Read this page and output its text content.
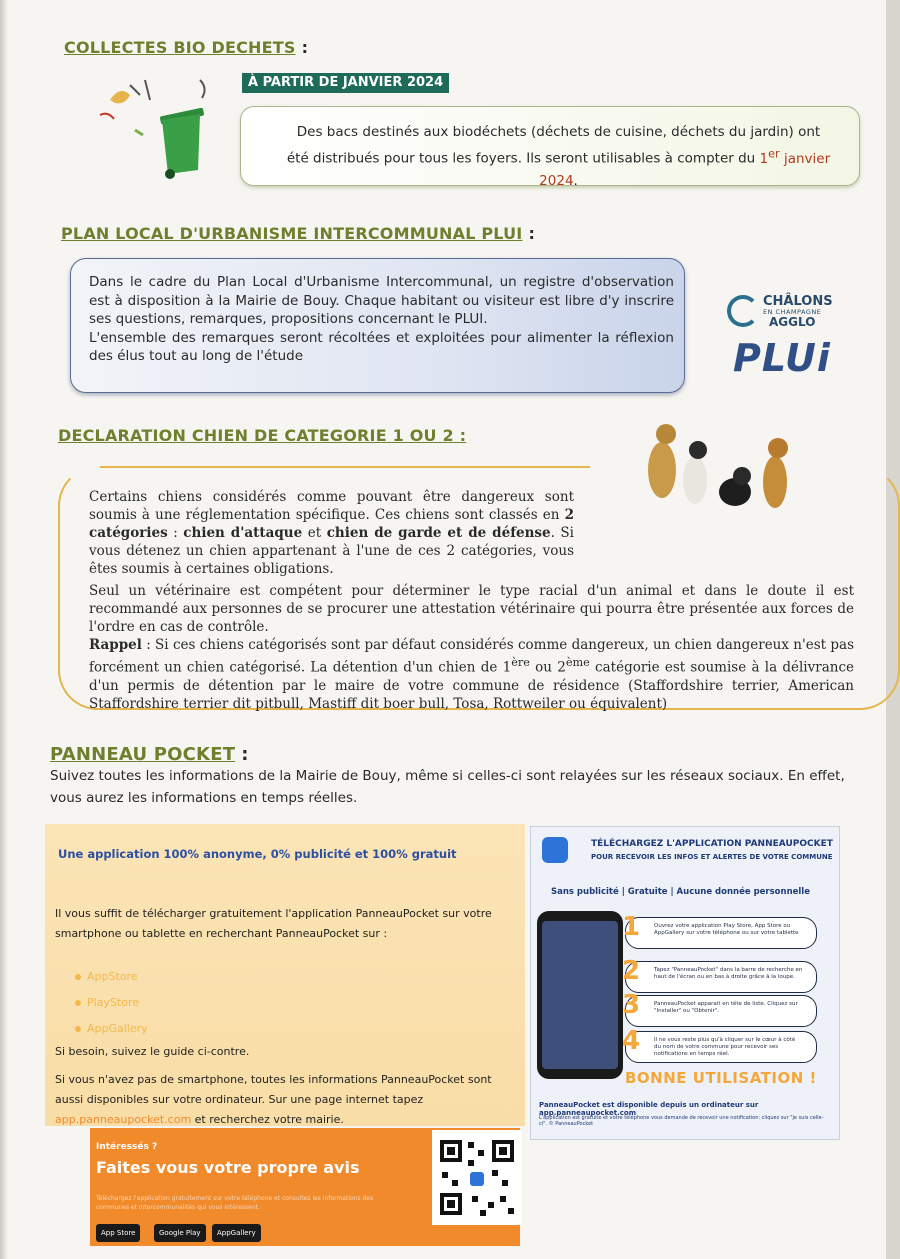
COLLECTES BIO DECHETS :
À PARTIR DE JANVIER 2024
Des bacs destinés aux biodéchets (déchets de cuisine, déchets du jardin) ont été distribués pour tous les foyers. Ils seront utilisables à compter du 1er janvier 2024.
PLAN LOCAL D'URBANISME INTERCOMMUNAL PLUI :
Dans le cadre du Plan Local d'Urbanisme Intercommunal, un registre d'observation est à disposition à la Mairie de Bouy. Chaque habitant ou visiteur est libre d'y inscrire ses questions, remarques, propositions concernant le PLUI.
L'ensemble des remarques seront récoltées et exploitées pour alimenter la réflexion des élus tout au long de l'étude
CHÂLONS
EN CHAMPAGNE
AGGLO
PLUi
DECLARATION CHIEN DE CATEGORIE 1 OU 2 :
Certains chiens considérés comme pouvant être dangereux sont soumis à une réglementation spécifique. Ces chiens sont classés en 2 catégories : chien d'attaque et chien de garde et de défense. Si vous détenez un chien appartenant à l'une de ces 2 catégories, vous êtes soumis à certaines obligations.
Seul un vétérinaire est compétent pour déterminer le type racial d'un animal et dans le doute il est recommandé aux personnes de se procurer une attestation vétérinaire qui pourra être présentée aux forces de l'ordre en cas de contrôle.
Rappel : Si ces chiens catégorisés sont par défaut considérés comme dangereux, un chien dangereux n'est pas forcément un chien catégorisé. La détention d'un chien de 1ère ou 2ème catégorie est soumise à la délivrance d'un permis de détention par le maire de votre commune de résidence (Staffordshire terrier, American Staffordshire terrier dit pitbull, Mastiff dit boer bull, Tosa, Rottweiler ou équivalent)
PANNEAU POCKET :
Suivez toutes les informations de la Mairie de Bouy, même si celles-ci sont relayées sur les réseaux sociaux. En effet, vous aurez les informations en temps réelles.
Une application 100% anonyme, 0% publicité et 100% gratuit
Il vous suffit de télécharger gratuitement l'application PanneauPocket sur votre smartphone ou tablette en recherchant PanneauPocket sur :
AppStore
PlayStore
AppGallery
Si besoin, suivez le guide ci-contre.
Si vous n'avez pas de smartphone, toutes les informations PanneauPocket sont aussi disponibles sur votre ordinateur. Sur une page internet tapez app.panneaupocket.com et recherchez votre mairie.
Intéressés ?
Faites vous votre propre avis
Téléchargez l'application gratuitement sur votre téléphone et consultez les informations des communes et intercommunalités qui vous intéressent.
App Store	Google Play	AppGallery
TÉLÉCHARGEZ L'APPLICATION PANNEAUPOCKET
POUR RECEVOIR LES INFOS ET ALERTES DE VOTRE COMMUNE
Sans publicité | Gratuite | Aucune donnée personnelle
1	Ouvrez votre application Play Store, App Store ou AppGallery sur votre téléphone ou sur votre tablette
2	Tapez "PanneauPocket" dans la barre de recherche en haut de l'écran ou en bas à droite grâce à la loupe.
3	PanneauPocket apparait en tête de liste. Cliquez sur "Installer" ou "Obtenir".
4	Il ne vous reste plus qu'à cliquer sur le cœur à côté du nom de votre commune pour recevoir ses notifications en temps réel.
BONNE UTILISATION !
PanneauPocket est disponible depuis un ordinateur sur app.panneaupocket.com
L'application est gratuite et votre téléphone vous demande de recevoir une notification: cliquez sur "je suis celle-ci". © PanneauPocket
